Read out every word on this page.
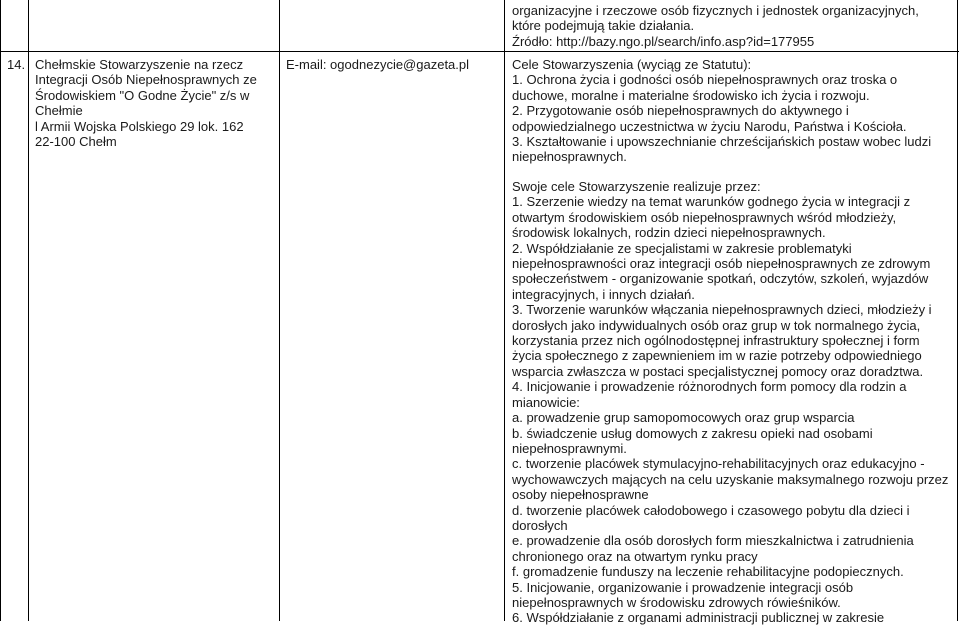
organizacyjne i rzeczowe osób fizycznych i jednostek organizacyjnych,

które podejmują takie działania.

Źródło: http://bazy.ngo.pl/search/info.asp?id=177955

14. Chełmskie Stowarzyszenie na rzecz

Integracji Osób Niepełnosprawnych ze

Środowiskiem "O Godne Życie" z/s w

Chełmie

l Armii Wojska Polskiego 29 lok. 162

22-100 Chełm

E-mail: ogodnezycie@gazeta.pl	Cele Stowarzyszenia (wyciąg ze Statutu):

1. Ochrona życia i godności osób niepełnosprawnych oraz troska o

duchowe, moralne i materialne środowisko ich życia i rozwoju.

2. Przygotowanie osób niepełnosprawnych do aktywnego i

odpowiedzialnego uczestnictwa w życiu Narodu, Państwa i Kościoła.

3. Kształtowanie i upowszechnianie chrześcijańskich postaw wobec ludzi

niepełnosprawnych.

Swoje cele Stowarzyszenie realizuje przez:

1. Szerzenie wiedzy na temat warunków godnego życia w integracji z

otwartym środowiskiem osób niepełnosprawnych wśród młodzieży,

środowisk lokalnych, rodzin dzieci niepełnosprawnych.

2. Współdziałanie ze specjalistami w zakresie problematyki

niepełnosprawności oraz integracji osób niepełnosprawnych ze zdrowym

społeczeństwem - organizowanie spotkań, odczytów, szkoleń, wyjazdów

integracyjnych, i innych działań.

3. Tworzenie warunków włączania niepełnosprawnych dzieci, młodzieży i

dorosłych jako indywidualnych osób oraz grup w tok normalnego życia,

korzystania przez nich ogólnodostępnej infrastruktury społecznej i form

życia społecznego z zapewnieniem im w razie potrzeby odpowiedniego

wsparcia zwłaszcza w postaci specjalistycznej pomocy oraz doradztwa.

4. Inicjowanie i prowadzenie różnorodnych form pomocy dla rodzin a

mianowicie:

a. prowadzenie grup samopomocowych oraz grup wsparcia

b. świadczenie usług domowych z zakresu opieki nad osobami

niepełnosprawnymi.

c. tworzenie placówek stymulacyjno-rehabilitacyjnych oraz edukacyjno -

wychowawczych mających na celu uzyskanie maksymalnego rozwoju przez

osoby niepełnosprawne

d. tworzenie placówek całodobowego i czasowego pobytu dla dzieci i

dorosłych

e. prowadzenie dla osób dorosłych form mieszkalnictwa i zatrudnienia

chronionego oraz na otwartym rynku pracy

f. gromadzenie funduszy na leczenie rehabilitacyjne podopiecznych.

5. Inicjowanie, organizowanie i prowadzenie integracji osób

niepełnosprawnych w środowisku zdrowych rówieśników.

6. Współdziałanie z organami administracji publicznej w zakresie
